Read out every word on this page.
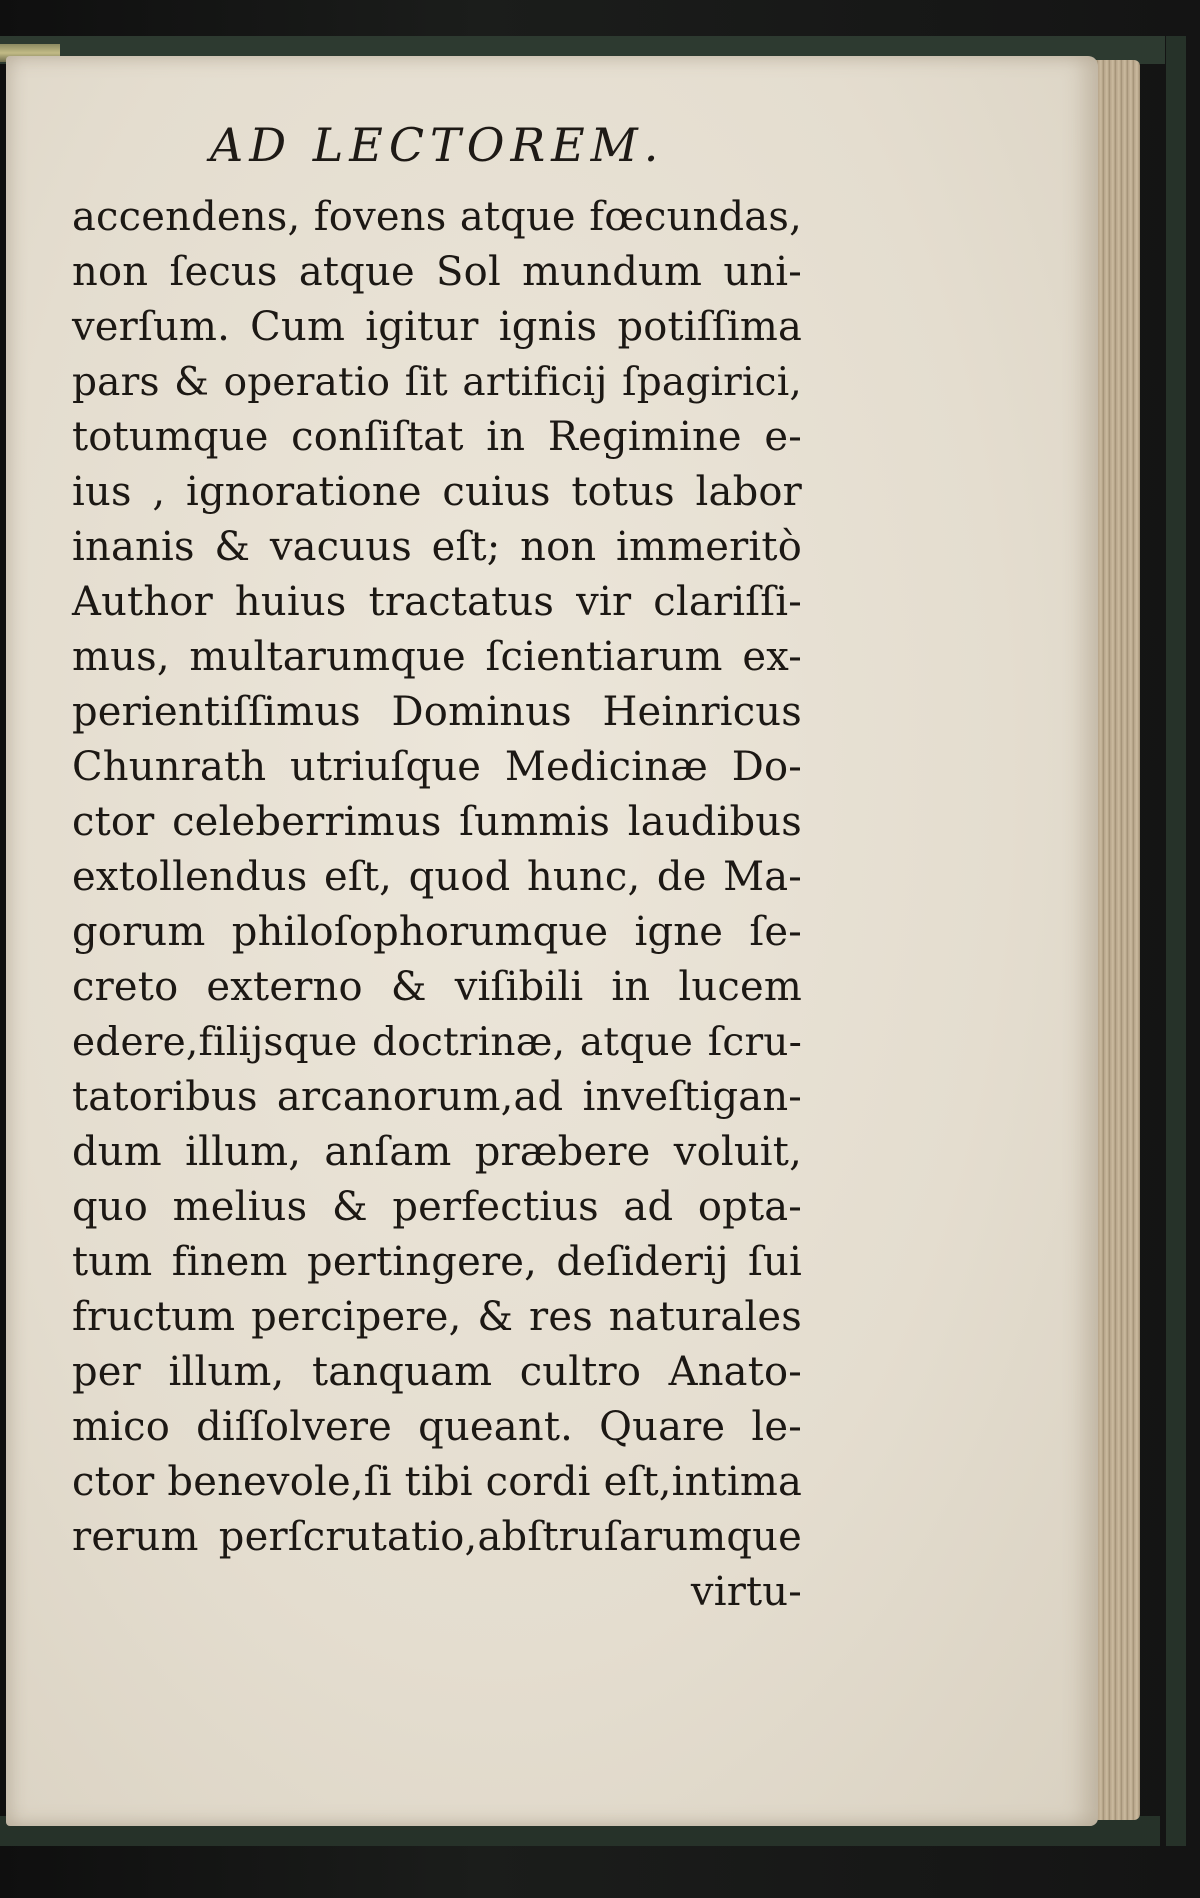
AD LECTOREM.
accendens, fovens atque fœcundas,
non ſecus atque Sol mundum uni-
verſum. Cum igitur ignis potiſſima
pars & operatio ſit artificij ſpagirici,
totumque conſiſtat in Regimine e-
ius , ignoratione cuius totus labor
inanis & vacuus eſt; non immeritò
Author huius tractatus vir clariſſi-
mus, multarumque ſcientiarum ex-
perientiſſimus Dominus Heinricus
Chunrath utriuſque Medicinæ Do-
ctor celeberrimus ſummis laudibus
extollendus eſt, quod hunc, de Ma-
gorum philoſophorumque igne ſe-
creto externo & viſibili in lucem
edere,filijsque doctrinæ, atque ſcru-
tatoribus arcanorum,ad inveſtigan-
dum illum, anſam præbere voluit,
quo melius & perfectius ad opta-
tum finem pertingere, deſiderij ſui
fructum percipere, & res naturales
per illum, tanquam cultro Anato-
mico diſſolvere queant. Quare le-
ctor benevole,ſi tibi cordi eſt,intima
rerum perſcrutatio,abſtruſarumque
virtu-
